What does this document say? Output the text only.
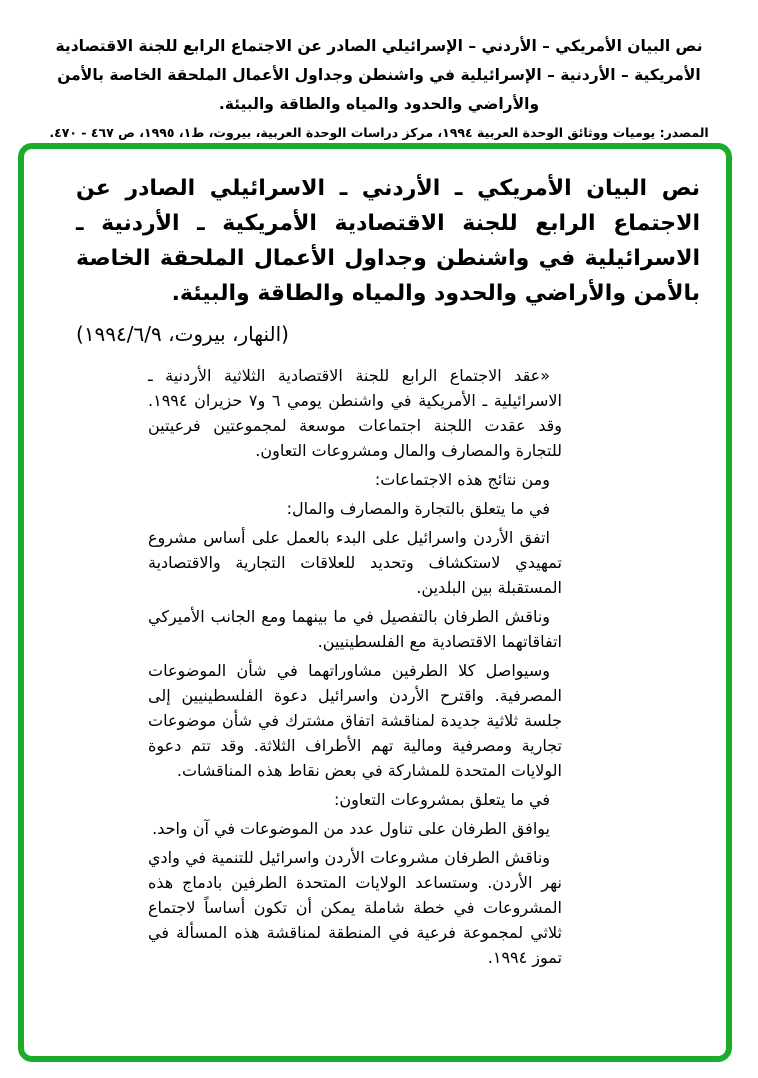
نص البيان الأمريكي – الأردني – الإسرائيلي الصادر عن الاجتماع الرابع للجنة الاقتصادية الأمريكية – الأردنية – الإسرائيلية في واشنطن وجداول الأعمال الملحقة الخاصة بالأمن والأراضي والحدود والمياه والطاقة والبيئة.
المصدر: يوميات ووثائق الوحدة العربية ١٩٩٤، مركز دراسات الوحدة العربية، بيروت، ط١، ١٩٩٥، ص ٤٦٧ - ٤٧٠.
نص البيان الأمريكي ـ الأردني ـ الاسرائيلي الصادر عن الاجتماع الرابع للجنة الاقتصادية الأمريكية ـ الأردنية ـ الاسرائيلية في واشنطن وجداول الأعمال الملحقة الخاصة بالأمن والأراضي والحدود والمياه والطاقة والبيئة.
(النهار، بيروت، ١٩٩٤/٦/٩)

«عقد الاجتماع الرابع للجنة الاقتصادية الثلاثية الأردنية ـ الاسرائيلية ـ الأمريكية في واشنطن يومي ٦ و٧ حزيران ١٩٩٤. وقد عقدت اللجنة اجتماعات موسعة لمجموعتين فرعيتين للتجارة والمصارف والمال ومشروعات التعاون.

ومن نتائج هذه الاجتماعات:

في ما يتعلق بالتجارة والمصارف والمال:

اتفق الأردن واسرائيل على البدء بالعمل على أساس مشروع تمهيدي لاستكشاف وتحديد للعلاقات التجارية والاقتصادية المستقبلة بين البلدين.

وناقش الطرفان بالتفصيل في ما بينهما ومع الجانب الأميركي اتفاقاتهما الاقتصادية مع الفلسطينيين.

وسيواصل كلا الطرفين مشاوراتهما في شأن الموضوعات المصرفية. واقترح الأردن واسرائيل دعوة الفلسطينيين إلى جلسة ثلاثية جديدة لمناقشة اتفاق مشترك في شأن موضوعات تجارية ومصرفية ومالية تهم الأطراف الثلاثة. وقد تتم دعوة الولايات المتحدة للمشاركة في بعض نقاط هذه المناقشات.

في ما يتعلق بمشروعات التعاون:

يوافق الطرفان على تناول عدد من الموضوعات في آن واحد.

وناقش الطرفان مشروعات الأردن واسرائيل للتنمية في وادي نهر الأردن. وستساعد الولايات المتحدة الطرفين بادماج هذه المشروعات في خطة شاملة يمكن أن تكون أساساً لاجتماع ثلاثي لمجموعة فرعية في المنطقة لمناقشة هذه المسألة في تموز ١٩٩٤.
